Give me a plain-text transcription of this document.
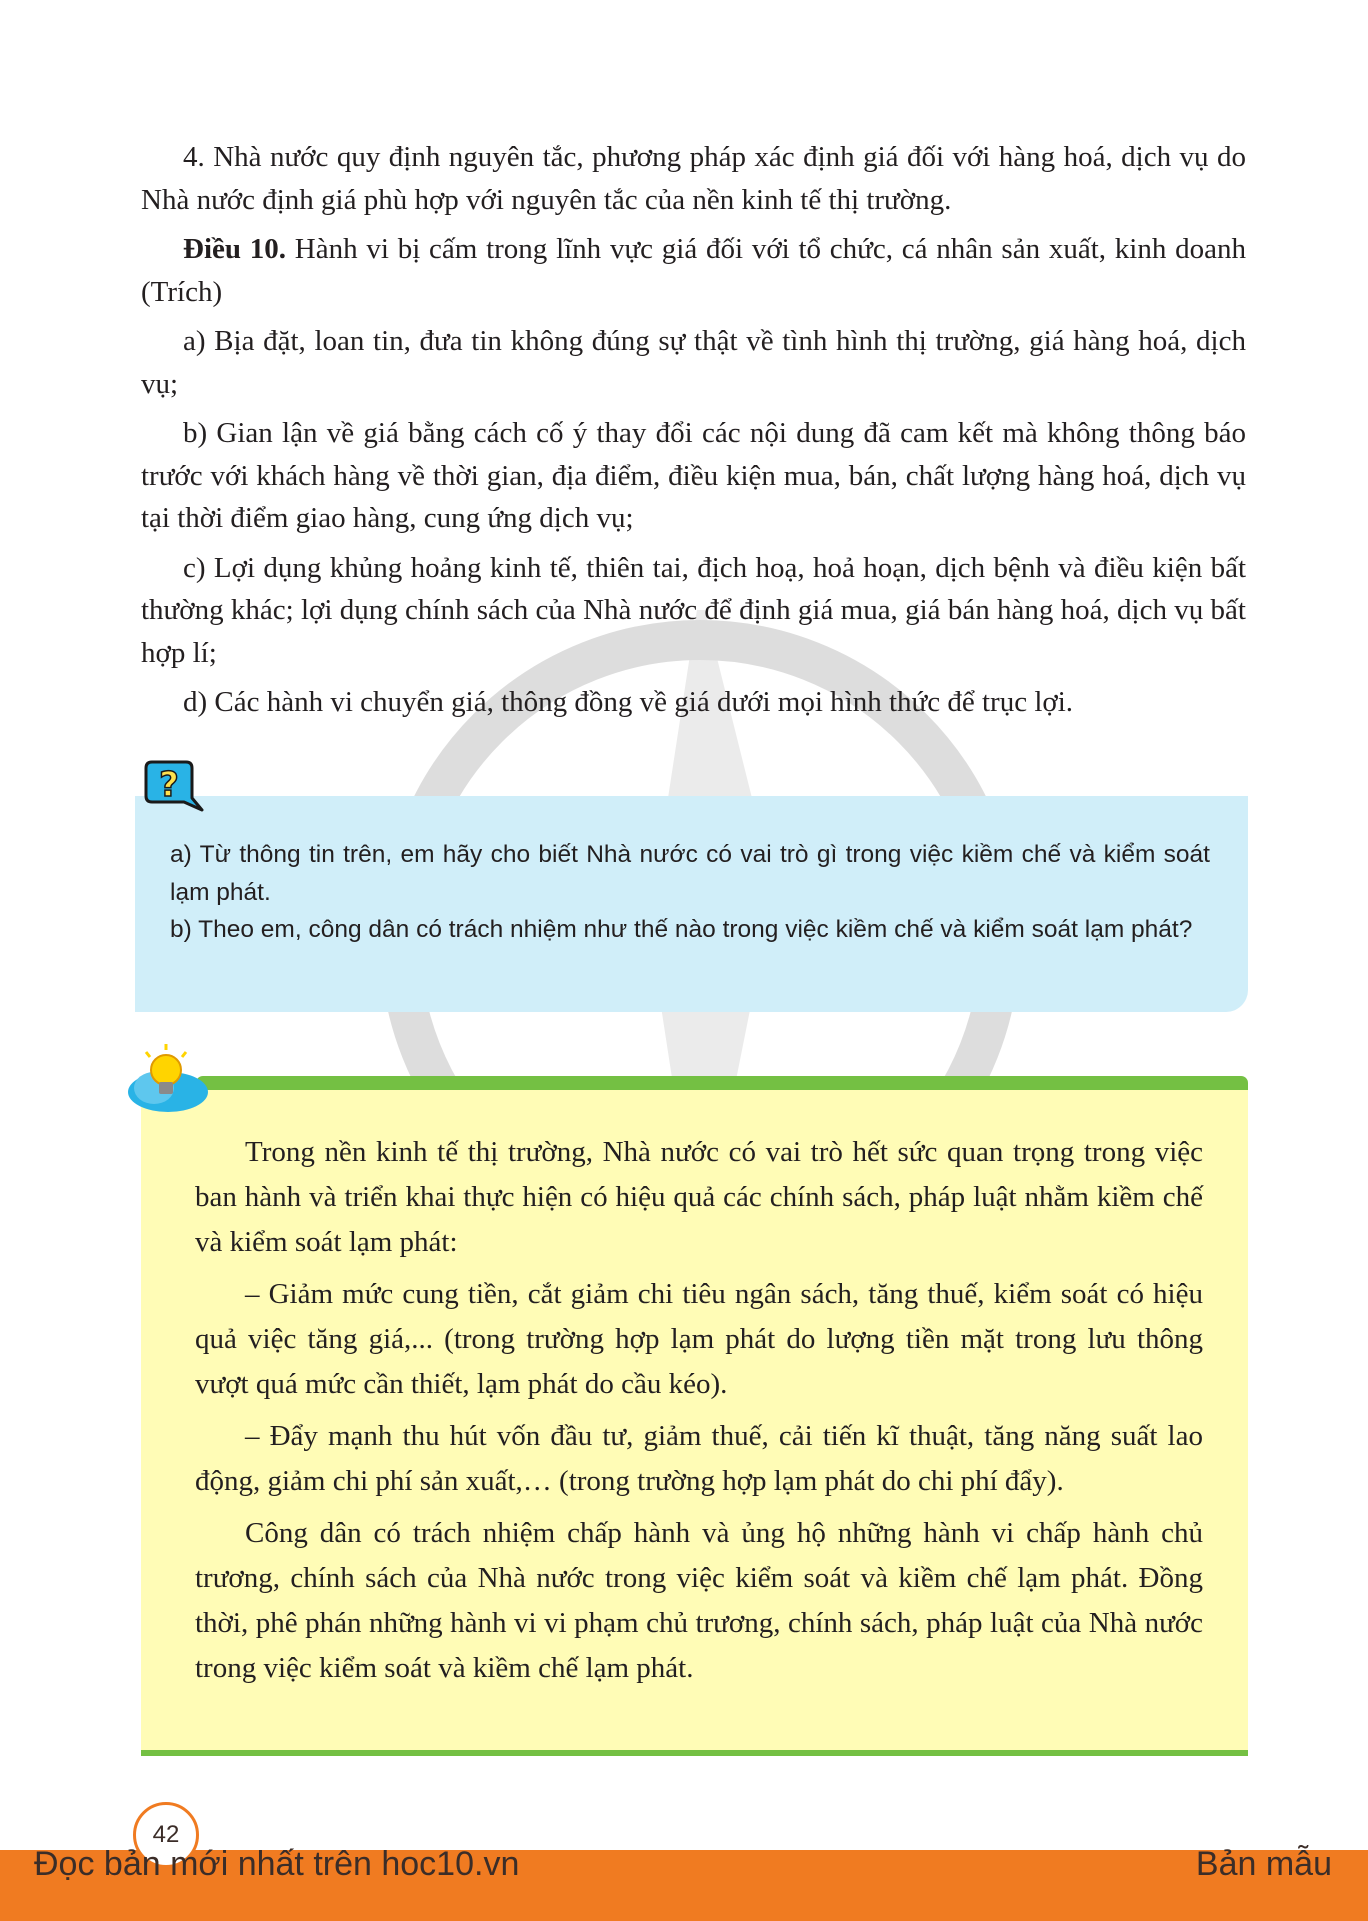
4. Nhà nước quy định nguyên tắc, phương pháp xác định giá đối với hàng hoá, dịch vụ do Nhà nước định giá phù hợp với nguyên tắc của nền kinh tế thị trường.

Điều 10. Hành vi bị cấm trong lĩnh vực giá đối với tổ chức, cá nhân sản xuất, kinh doanh (Trích)

a) Bịa đặt, loan tin, đưa tin không đúng sự thật về tình hình thị trường, giá hàng hoá, dịch vụ;

b) Gian lận về giá bằng cách cố ý thay đổi các nội dung đã cam kết mà không thông báo trước với khách hàng về thời gian, địa điểm, điều kiện mua, bán, chất lượng hàng hoá, dịch vụ tại thời điểm giao hàng, cung ứng dịch vụ;

c) Lợi dụng khủng hoảng kinh tế, thiên tai, địch hoạ, hoả hoạn, dịch bệnh và điều kiện bất thường khác; lợi dụng chính sách của Nhà nước để định giá mua, giá bán hàng hoá, dịch vụ bất hợp lí;

d) Các hành vi chuyển giá, thông đồng về giá dưới mọi hình thức để trục lợi.

?

a) Từ thông tin trên, em hãy cho biết Nhà nước có vai trò gì trong việc kiềm chế và kiểm soát lạm phát.

b) Theo em, công dân có trách nhiệm như thế nào trong việc kiềm chế và kiểm soát lạm phát?

Trong nền kinh tế thị trường, Nhà nước có vai trò hết sức quan trọng trong việc ban hành và triển khai thực hiện có hiệu quả các chính sách, pháp luật nhằm kiềm chế và kiểm soát lạm phát:

– Giảm mức cung tiền, cắt giảm chi tiêu ngân sách, tăng thuế, kiểm soát có hiệu quả việc tăng giá,... (trong trường hợp lạm phát do lượng tiền mặt trong lưu thông vượt quá mức cần thiết, lạm phát do cầu kéo).

– Đẩy mạnh thu hút vốn đầu tư, giảm thuế, cải tiến kĩ thuật, tăng năng suất lao động, giảm chi phí sản xuất,… (trong trường hợp lạm phát do chi phí đẩy).

Công dân có trách nhiệm chấp hành và ủng hộ những hành vi chấp hành chủ trương, chính sách của Nhà nước trong việc kiểm soát và kiềm chế lạm phát. Đồng thời, phê phán những hành vi vi phạm chủ trương, chính sách, pháp luật của Nhà nước trong việc kiểm soát và kiềm chế lạm phát.

42
Đọc bản mới nhất trên hoc10.vn	Bản mẫu
